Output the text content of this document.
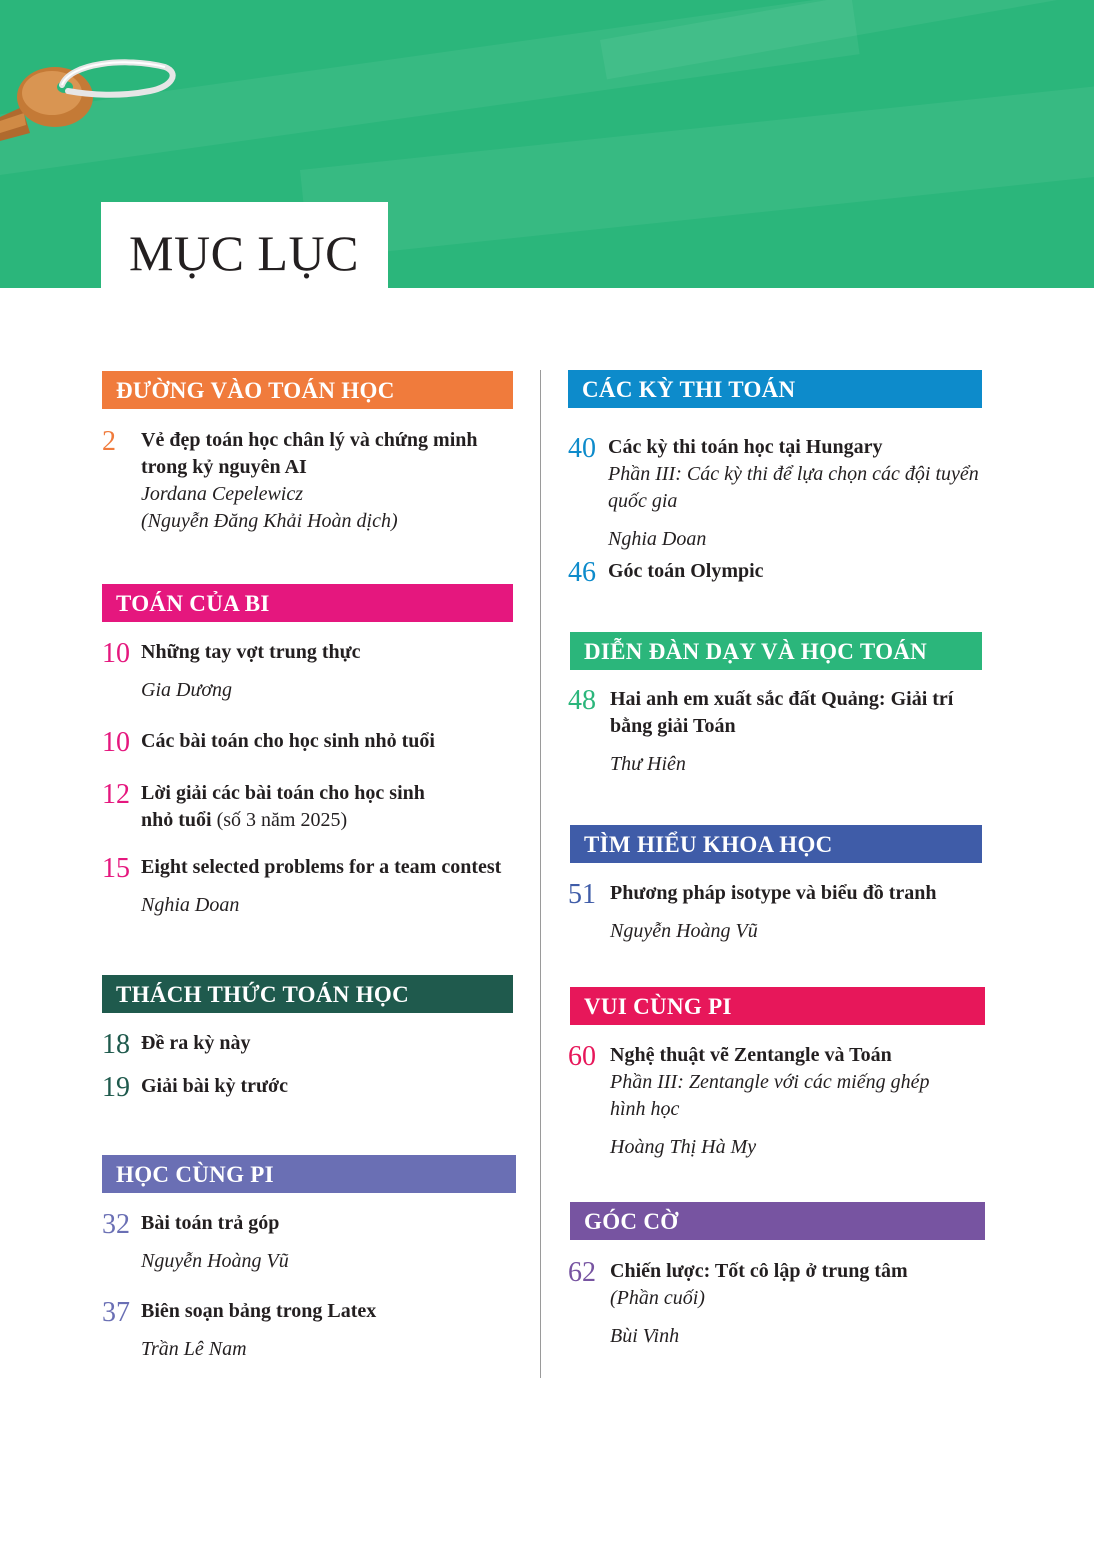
MỤC LỤC
ĐƯỜNG VÀO TOÁN HỌC
2 Vẻ đẹp toán học chân lý và chứng minh
trong kỷ nguyên AI
Jordana Cepelewicz
(Nguyễn Đăng Khải Hoàn dịch)
TOÁN CỦA BI
10 Những tay vợt trung thực
Gia Dương
10 Các bài toán cho học sinh nhỏ tuổi
12 Lời giải các bài toán cho học sinh
nhỏ tuổi (số 3 năm 2025)
15 Eight selected problems for a team contest
Nghia Doan
THÁCH THỨC TOÁN HỌC
18 Đề ra kỳ này
19 Giải bài kỳ trước
HỌC CÙNG PI
32 Bài toán trả góp
Nguyễn Hoàng Vũ
37 Biên soạn bảng trong Latex
Trần Lê Nam
CÁC KỲ THI TOÁN
40 Các kỳ thi toán học tại Hungary
Phần III: Các kỳ thi để lựa chọn các đội tuyển
quốc gia
Nghia Doan
46 Góc toán Olympic
DIỄN ĐÀN DẠY VÀ HỌC TOÁN
48 Hai anh em xuất sắc đất Quảng: Giải trí
bằng giải Toán
Thư Hiên
TÌM HIỂU KHOA HỌC
51 Phương pháp isotype và biểu đồ tranh
Nguyễn Hoàng Vũ
VUI CÙNG PI
60 Nghệ thuật vẽ Zentangle và Toán
Phần III: Zentangle với các miếng ghép
hình học
Hoàng Thị Hà My
GÓC CỜ
62 Chiến lược: Tốt cô lập ở trung tâm
(Phần cuối)
Bùi Vinh
